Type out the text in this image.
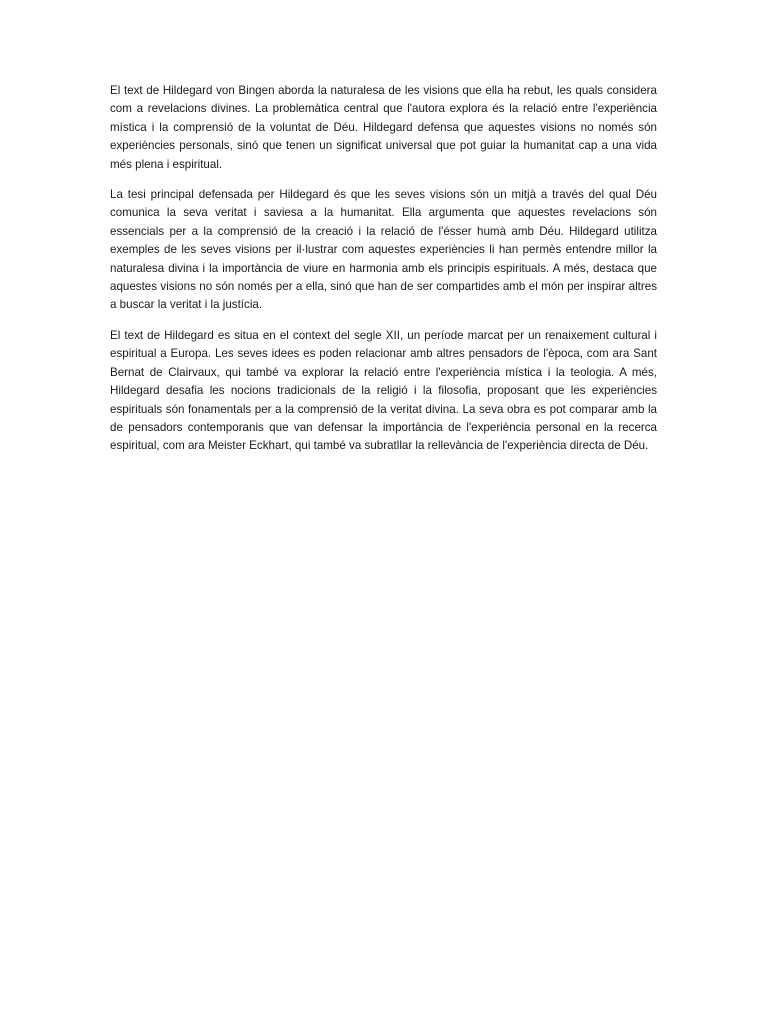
El text de Hildegard von Bingen aborda la naturalesa de les visions que ella ha rebut, les quals considera com a revelacions divines. La problemàtica central que l'autora explora és la relació entre l'experiència mística i la comprensió de la voluntat de Déu. Hildegard defensa que aquestes visions no només són experiències personals, sinó que tenen un significat universal que pot guiar la humanitat cap a una vida més plena i espiritual.

La tesi principal defensada per Hildegard és que les seves visions són un mitjà a través del qual Déu comunica la seva veritat i saviesa a la humanitat. Ella argumenta que aquestes revelacions són essencials per a la comprensió de la creació i la relació de l'ésser humà amb Déu. Hildegard utilitza exemples de les seves visions per il·lustrar com aquestes experiències li han permès entendre millor la naturalesa divina i la importància de viure en harmonia amb els principis espirituals. A més, destaca que aquestes visions no són només per a ella, sinó que han de ser compartides amb el món per inspirar altres a buscar la veritat i la justícia.

El text de Hildegard es situa en el context del segle XII, un període marcat per un renaixement cultural i espiritual a Europa. Les seves idees es poden relacionar amb altres pensadors de l'època, com ara Sant Bernat de Clairvaux, qui també va explorar la relació entre l'experiència mística i la teologia. A més, Hildegard desafia les nocions tradicionals de la religió i la filosofia, proposant que les experiències espirituals són fonamentals per a la comprensió de la veritat divina. La seva obra es pot comparar amb la de pensadors contemporanis que van defensar la importància de l'experiència personal en la recerca espiritual, com ara Meister Eckhart, qui també va subratllar la rellevància de l'experiència directa de Déu.
